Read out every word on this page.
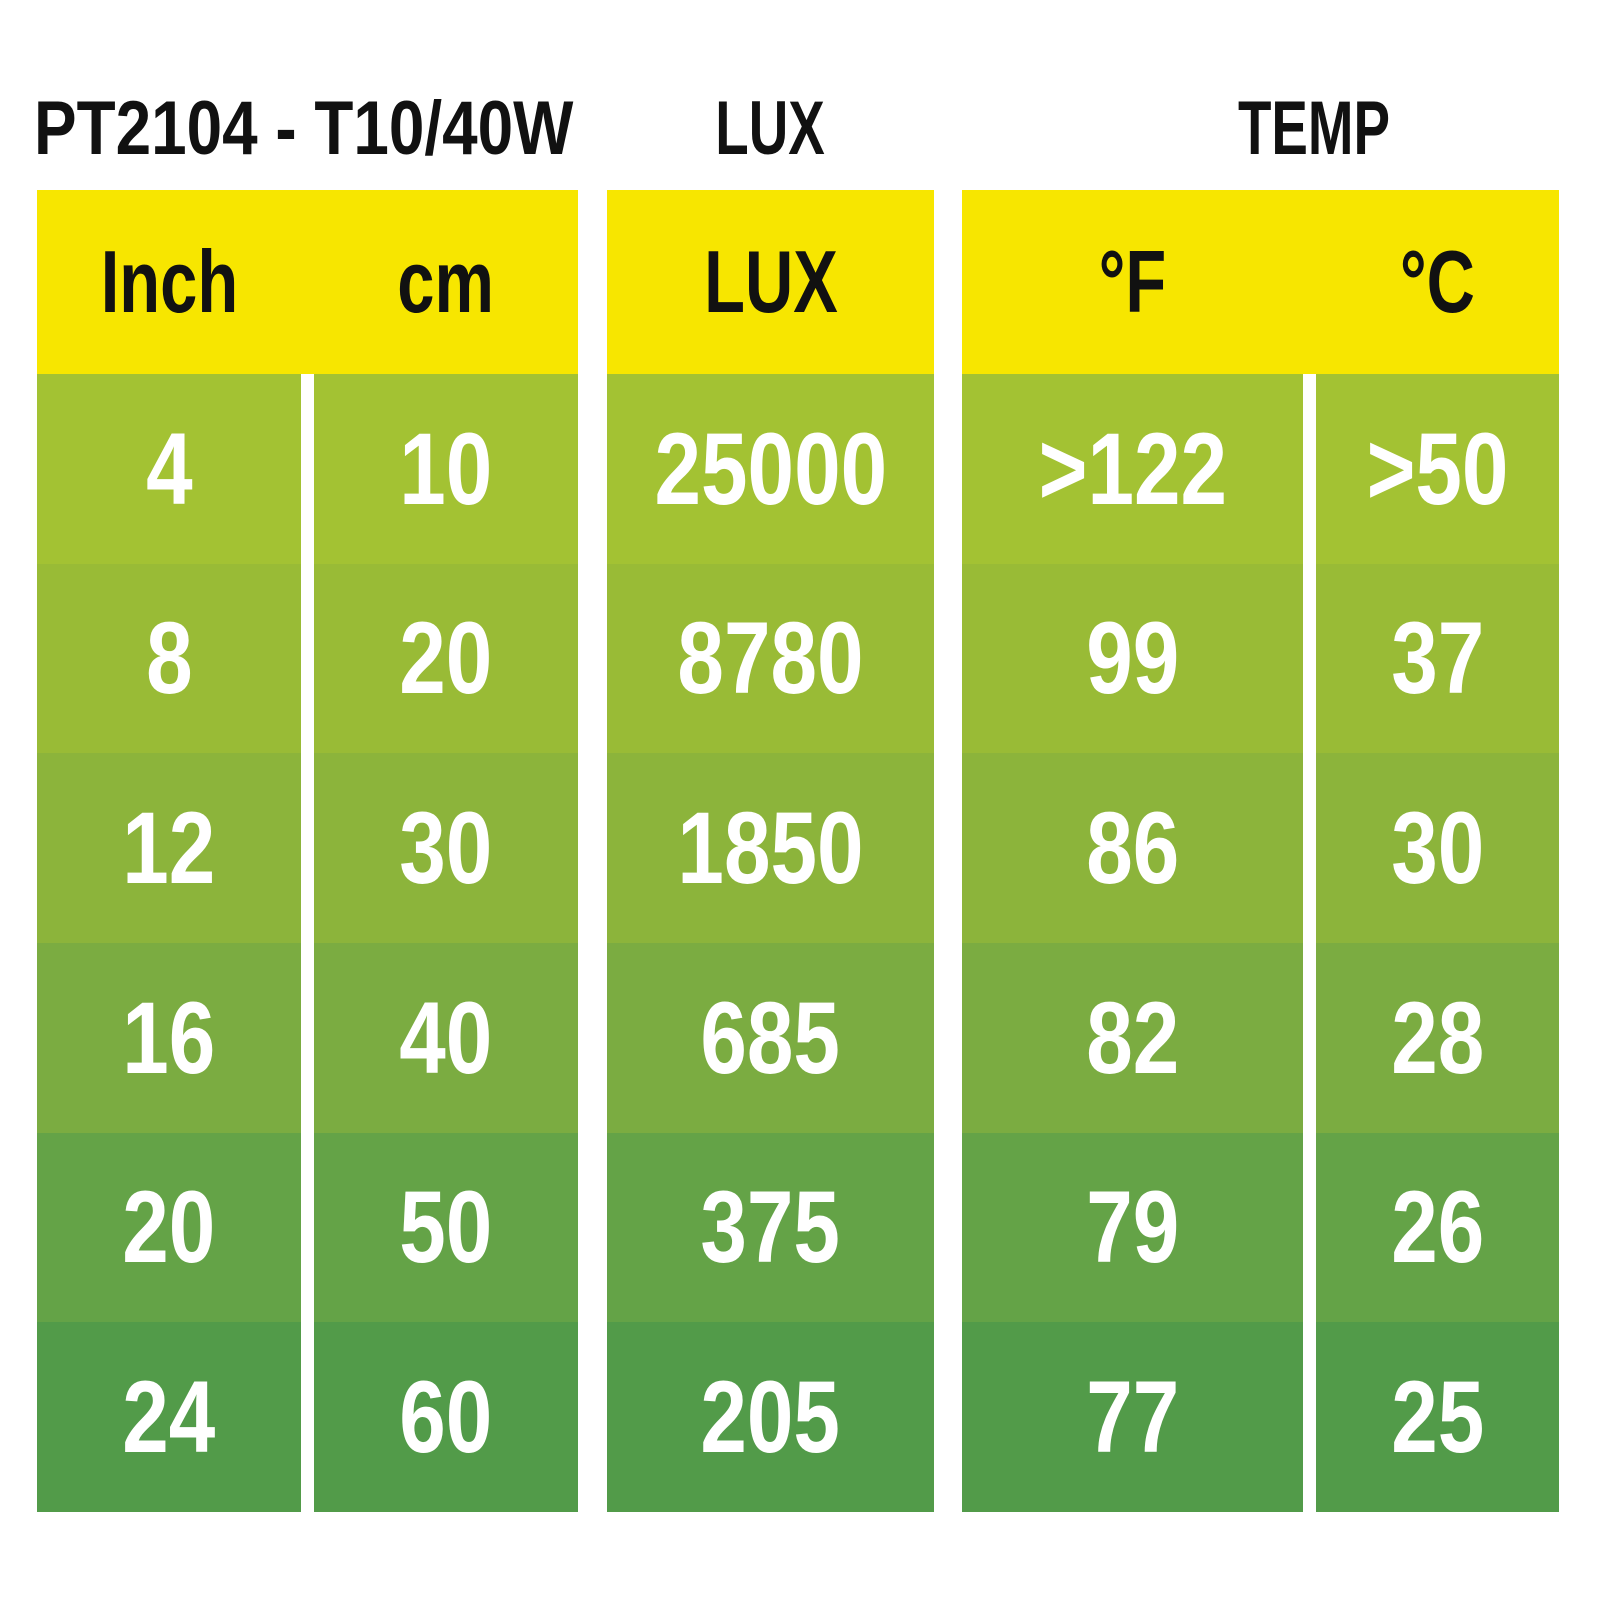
PT2104 - T10/40W LUX	TEMP
Inch cm
4 10
8 20
12 30
16 40
20 50
24 60
LUX
25000
8780
1850
685
375
205
°F	°C
>122 >50
99 37
86 30
82 28
79 26
77 25
